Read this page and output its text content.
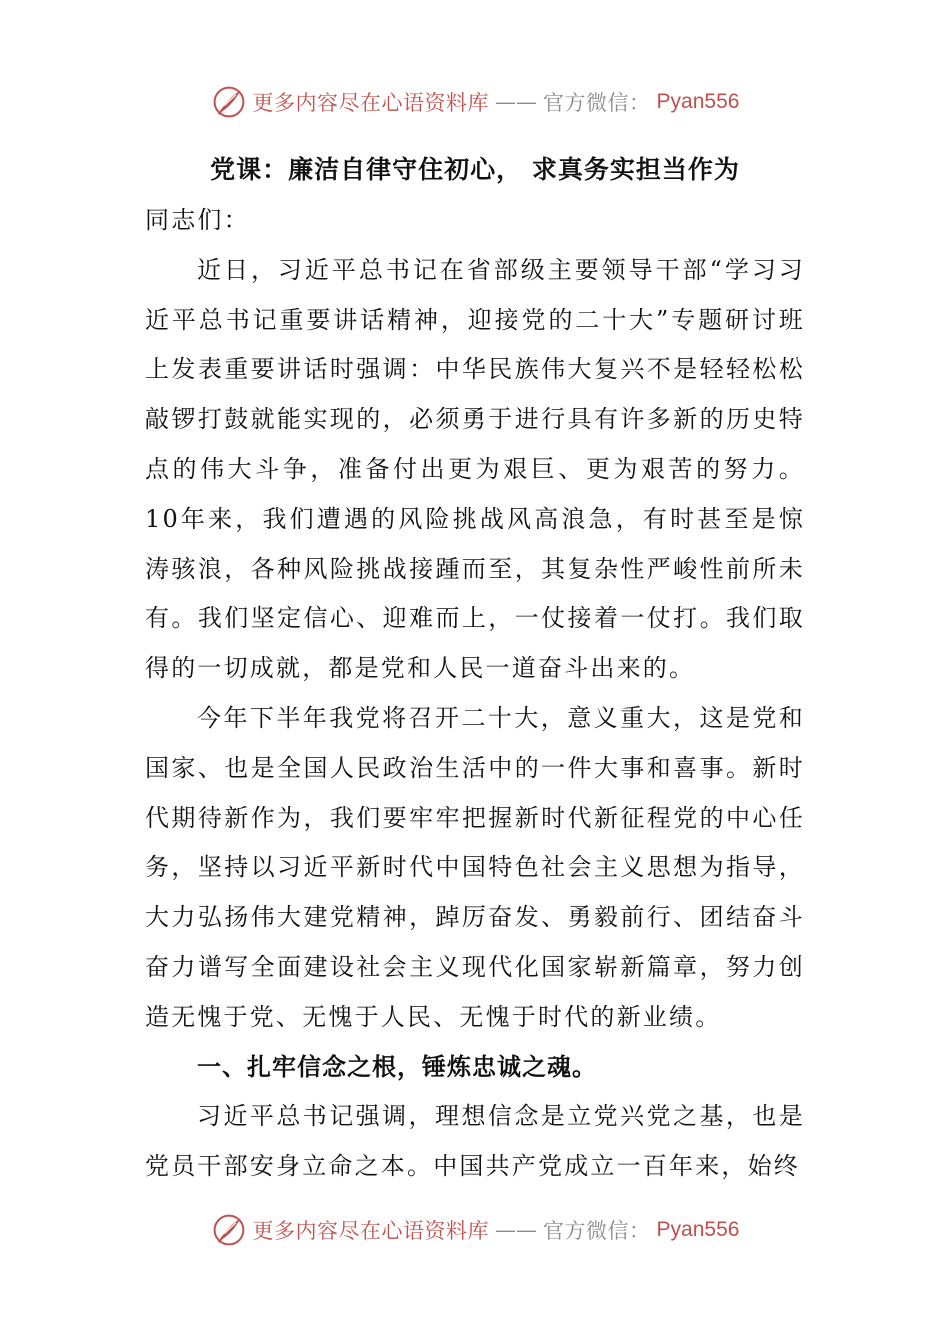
更多内容尽在心语资料库 —— 官方微信： Pyan556
党课：廉洁自律守住初心， 求真务实担当作为

同志们：

近日，习近平总书记在省部级主要领导干部“学习习近平总书记重要讲话精神，迎接党的二十大”专题研讨班上发表重要讲话时强调：中华民族伟大复兴不是轻轻松松敲锣打鼓就能实现的，必须勇于进行具有许多新的历史特点的伟大斗争，准备付出更为艰巨、更为艰苦的努力。10年来，我们遭遇的风险挑战风高浪急，有时甚至是惊涛骇浪，各种风险挑战接踵而至，其复杂性严峻性前所未有。我们坚定信心、迎难而上，一仗接着一仗打。我们取得的一切成就，都是党和人民一道奋斗出来的。

今年下半年我党将召开二十大，意义重大，这是党和国家、也是全国人民政治生活中的一件大事和喜事。新时代期待新作为，我们要牢牢把握新时代新征程党的中心任务，坚持以习近平新时代中国特色社会主义思想为指导，大力弘扬伟大建党精神，踔厉奋发、勇毅前行、团结奋斗奋力谱写全面建设社会主义现代化国家崭新篇章，努力创造无愧于党、无愧于人民、无愧于时代的新业绩。

一、扎牢信念之根，锤炼忠诚之魂。

习近平总书记强调，理想信念是立党兴党之基，也是党员干部安身立命之本。中国共产党成立一百年来，始终

更多内容尽在心语资料库 —— 官方微信： Pyan556
